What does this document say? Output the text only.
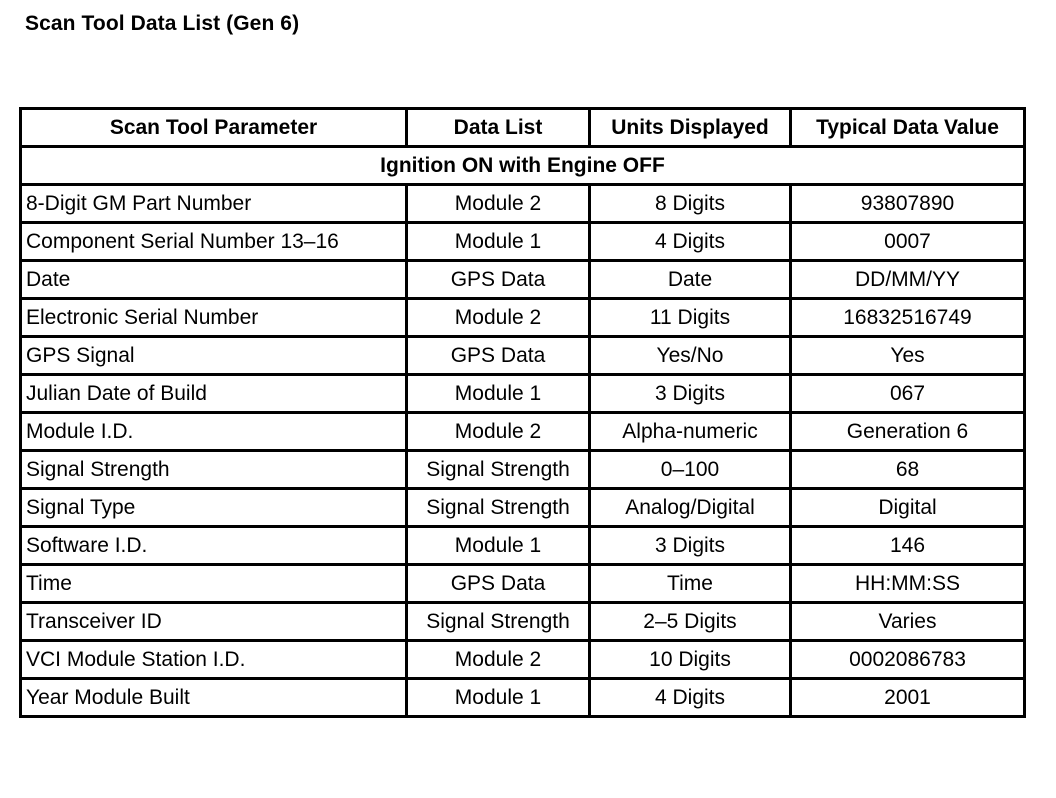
Scan Tool Data List (Gen 6)
Scan Tool Parameter	Data List	Units Displayed	Typical Data Value
Ignition ON with Engine OFF			
8-Digit GM Part Number	Module 2	8 Digits	93807890
Component Serial Number 13–16	Module 1	4 Digits	0007
Date	GPS Data	Date	DD/MM/YY
Electronic Serial Number	Module 2	11 Digits	16832516749
GPS Signal	GPS Data	Yes/No	Yes
Julian Date of Build	Module 1	3 Digits	067
Module I.D.	Module 2	Alpha-numeric	Generation 6
Signal Strength	Signal Strength	0–100	68
Signal Type	Signal Strength	Analog/Digital	Digital
Software I.D.	Module 1	3 Digits	146
Time	GPS Data	Time	HH:MM:SS
Transceiver ID	Signal Strength	2–5 Digits	Varies
VCI Module Station I.D.	Module 2	10 Digits	0002086783
Year Module Built	Module 1	4 Digits	2001
